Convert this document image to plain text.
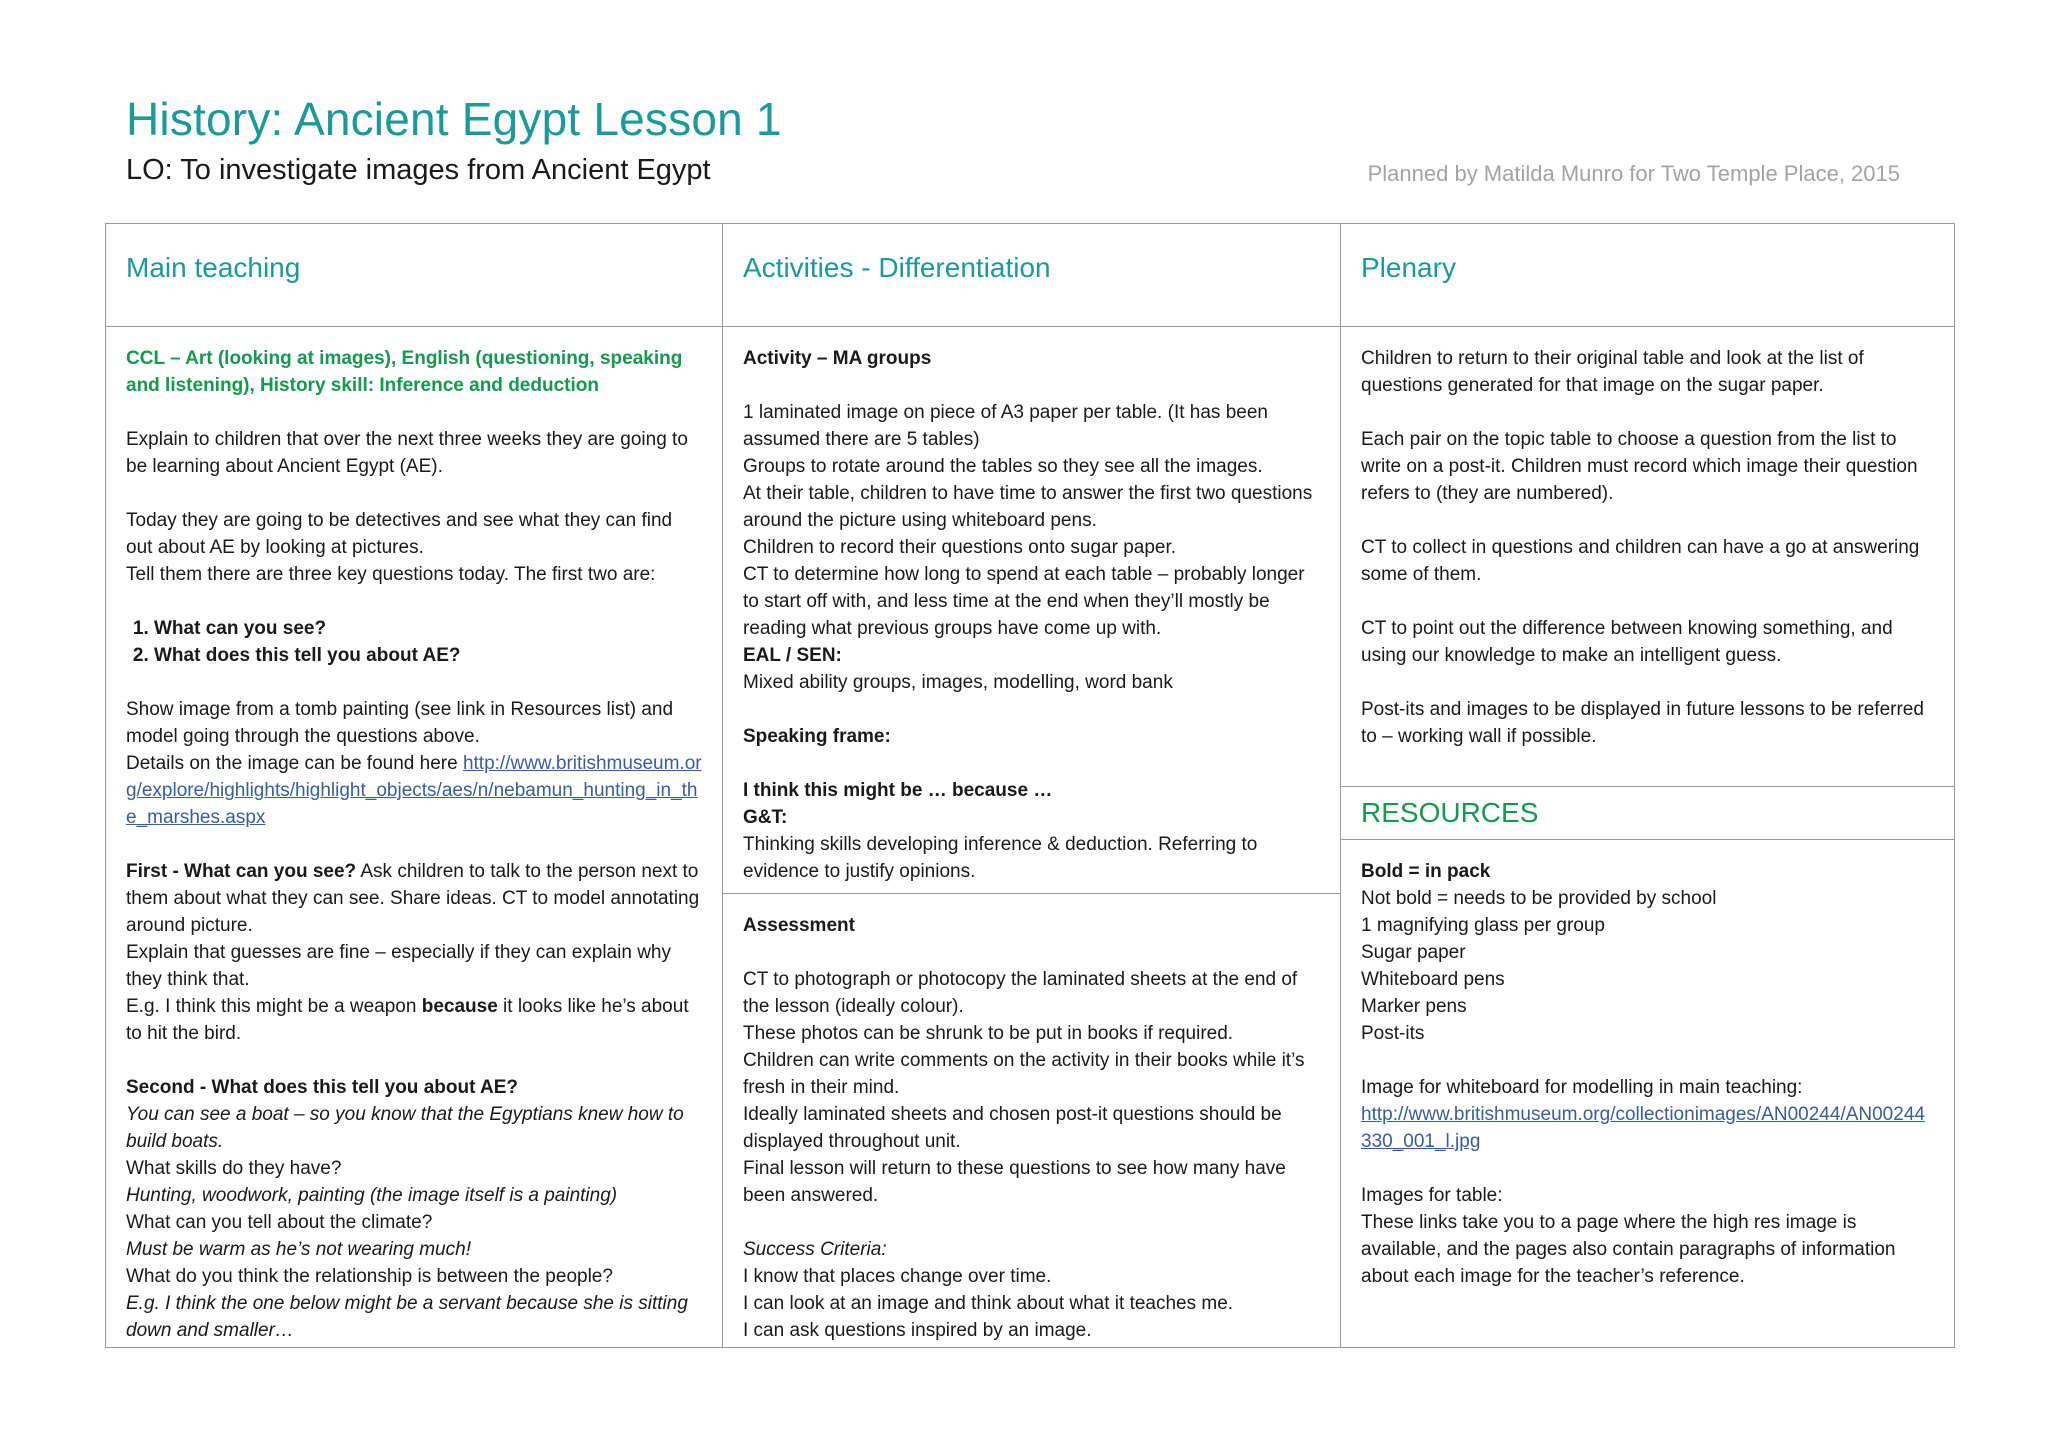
History: Ancient Egypt Lesson 1
LO: To investigate images from Ancient Egypt	Planned by Matilda Munro for Two Temple Place, 2015
Main teaching

CCL – Art (looking at images), English (questioning, speaking and listening), History skill: Inference and deduction

Explain to children that over the next three weeks they are going to be learning about Ancient Egypt (AE).

Today they are going to be detectives and see what they can find out about AE by looking at pictures.

Tell them there are three key questions today. The first two are:

1. What can you see?
2. What does this tell you about AE?

Show image from a tomb painting (see link in Resources list) and model going through the questions above.

Details on the image can be found here http://www.britishmuseum.org/explore/highlights/highlight_objects/aes/n/nebamun_hunting_in_the_marshes.aspx

First - What can you see? Ask children to talk to the person next to them about what they can see. Share ideas. CT to model annotating around picture.

Explain that guesses are fine – especially if they can explain why they think that.

E.g. I think this might be a weapon because it looks like he’s about to hit the bird.

Second - What does this tell you about AE?

You can see a boat – so you know that the Egyptians knew how to build boats.

What skills do they have?

Hunting, woodwork, painting (the image itself is a painting)

What can you tell about the climate?

Must be warm as he’s not wearing much!

What do you think the relationship is between the people?

E.g. I think the one below might be a servant because she is sitting down and smaller…

Activities - Differentiation

Activity – MA groups

1 laminated image on piece of A3 paper per table. (It has been assumed there are 5 tables)

Groups to rotate around the tables so they see all the images.

At their table, children to have time to answer the first two questions around the picture using whiteboard pens.

Children to record their questions onto sugar paper.

CT to determine how long to spend at each table – probably longer to start off with, and less time at the end when they’ll mostly be reading what previous groups have come up with.

EAL / SEN:

Mixed ability groups, images, modelling, word bank

Speaking frame:

I think this might be … because …

G&T:

Thinking skills developing inference & deduction. Referring to evidence to justify opinions.

Assessment

CT to photograph or photocopy the laminated sheets at the end of the lesson (ideally colour).

These photos can be shrunk to be put in books if required.

Children can write comments on the activity in their books while it’s fresh in their mind.

Ideally laminated sheets and chosen post-it questions should be displayed throughout unit.

Final lesson will return to these questions to see how many have been answered.

Success Criteria:

I know that places change over time.

I can look at an image and think about what it teaches me.

I can ask questions inspired by an image.

Plenary

Children to return to their original table and look at the list of questions generated for that image on the sugar paper.

Each pair on the topic table to choose a question from the list to write on a post-it. Children must record which image their question refers to (they are numbered).

CT to collect in questions and children can have a go at answering some of them.

CT to point out the difference between knowing something, and using our knowledge to make an intelligent guess.

Post-its and images to be displayed in future lessons to be referred to – working wall if possible.

RESOURCES

Bold = in pack

Not bold = needs to be provided by school

1 magnifying glass per group

Sugar paper

Whiteboard pens

Marker pens

Post-its

Image for whiteboard for modelling in main teaching:

http://www.britishmuseum.org/collectionimages/AN00244/AN00244330_001_l.jpg

Images for table:

These links take you to a page where the high res image is available, and the pages also contain paragraphs of information about each image for the teacher’s reference.
